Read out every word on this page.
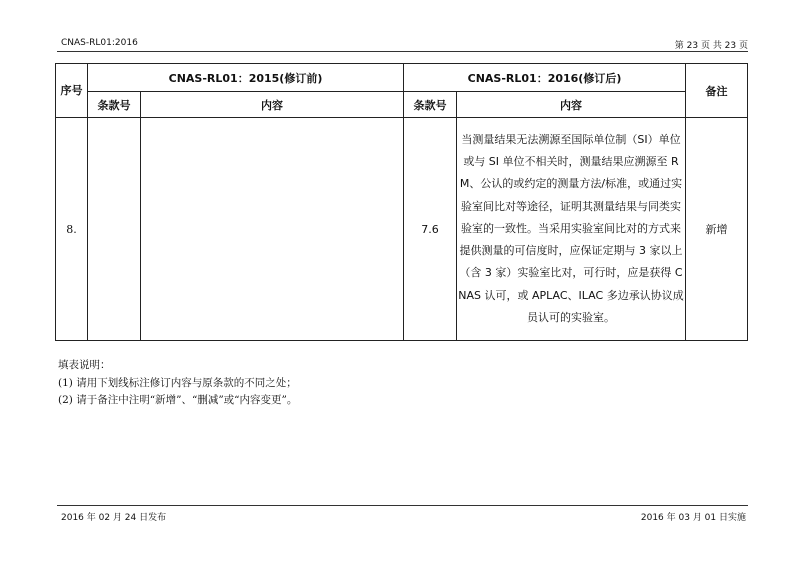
CNAS-RL01:2016	第 23 页 共 23 页
序号	CNAS-RL01：2015(修订前)		CNAS-RL01：2016(修订后)		备注
	条款号	内容	条款号	内容	
8.			7.6	当测量结果无法溯源至国际单位制（SI）单位或与 SI 单位不相关时，测量结果应溯源至 RM、公认的或约定的测量方法/标准，或通过实验室间比对等途径，证明其测量结果与同类实验室的一致性。当采用实验室间比对的方式来提供测量的可信度时，应保证定期与 3 家以上（含 3 家）实验室比对，可行时，应是获得 CNAS 认可，或 APLAC、ILAC 多边承认协议成员认可的实验室。	新增
填表说明：
(1) 请用下划线标注修订内容与原条款的不同之处；
(2) 请于备注中注明“新增”、“删减”或“内容变更”。
2016 年 02 月 24 日发布	2016 年 03 月 01 日实施
